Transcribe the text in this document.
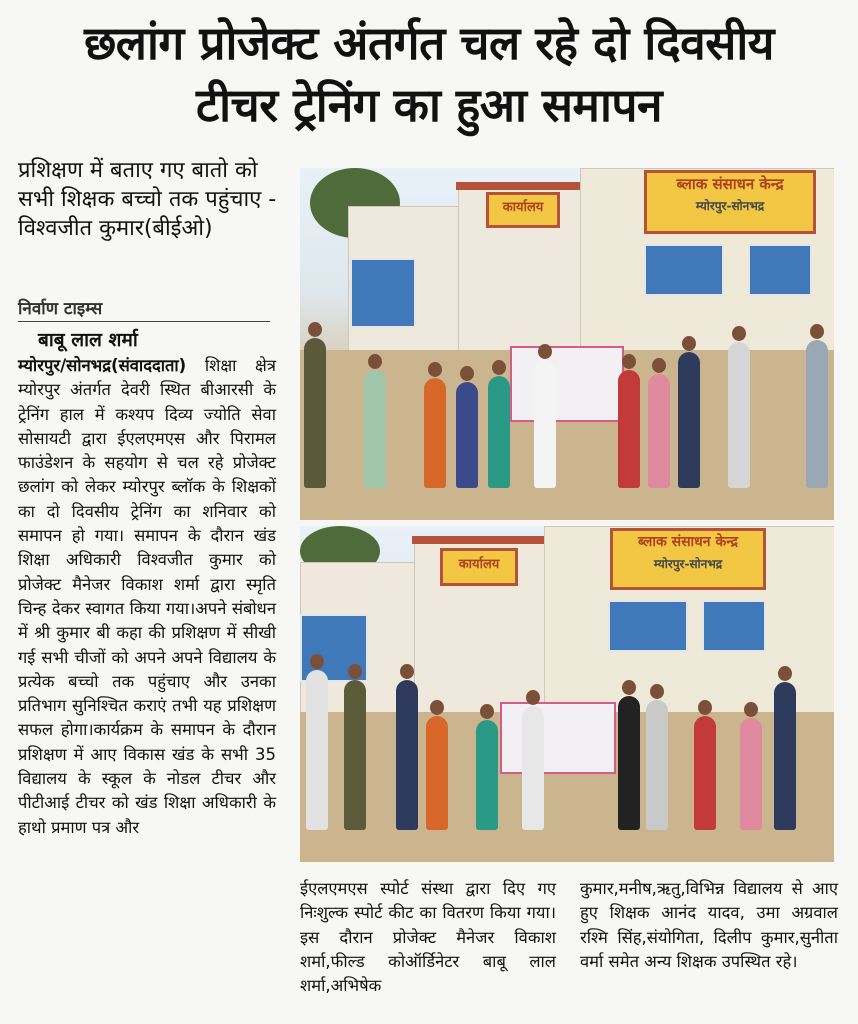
छलांग प्रोजेक्ट अंतर्गत चल रहे दो दिवसीय
टीचर ट्रेनिंग का हुआ समापन
प्रशिक्षण में बताए गए बातो को सभी शिक्षक बच्चो तक पहुंचाए - विश्वजीत कुमार(बीईओ)
निर्वाण टाइम्स
बाबू लाल शर्मा
म्योरपुर/सोनभद्र(संवाददाता) शिक्षा क्षेत्र म्योरपुर अंतर्गत देवरी स्थित बीआरसी के ट्रेनिंग हाल में कश्यप दिव्य ज्योति सेवा सोसायटी द्वारा ईएलएमएस और पिरामल फाउंडेशन के सहयोग से चल रहे प्रोजेक्ट छलांग को लेकर म्योरपुर ब्लॉक के शिक्षकों का दो दिवसीय ट्रेनिंग का शनिवार को समापन हो गया। समापन के दौरान खंड शिक्षा अधिकारी विश्वजीत कुमार को प्रोजेक्ट मैनेजर विकाश शर्मा द्वारा स्मृति चिन्ह देकर स्वागत किया गया।अपने संबोधन में श्री कुमार बी कहा की प्रशिक्षण में सीखी गई सभी चीजों को अपने अपने विद्यालय के प्रत्येक बच्चो तक पहुंचाए और उनका प्रतिभाग सुनिश्चित कराएं तभी यह प्रशिक्षण सफल होगा।कार्यक्रम के समापन के दौरान प्रशिक्षण में आए विकास खंड के सभी 35 विद्यालय के स्कूल के नोडल टीचर और पीटीआई टीचर को खंड शिक्षा अधिकारी के हाथो प्रमाण पत्र और
ईएलएमएस स्पोर्ट संस्था द्वारा दिए गए निःशुल्क स्पोर्ट कीट का वितरण किया गया।इस दौरान प्रोजेक्ट मैनेजर विकाश शर्मा,फील्ड कोऑर्डिनेटर बाबू लाल शर्मा,अभिषेक
कुमार,मनीष,ऋतु,विभिन्न विद्यालय से आए हुए शिक्षक आनंद यादव, उमा अग्रवाल रश्मि सिंह,संयोगिता, दिलीप कुमार,सुनीता वर्मा समेत अन्य शिक्षक उपस्थित रहे।
कार्यालय
ब्लाक संसाधन केन्द्र
म्योरपुर-सोनभद्र
कार्यालय
ब्लाक संसाधन केन्द्र
म्योरपुर-सोनभद्र
